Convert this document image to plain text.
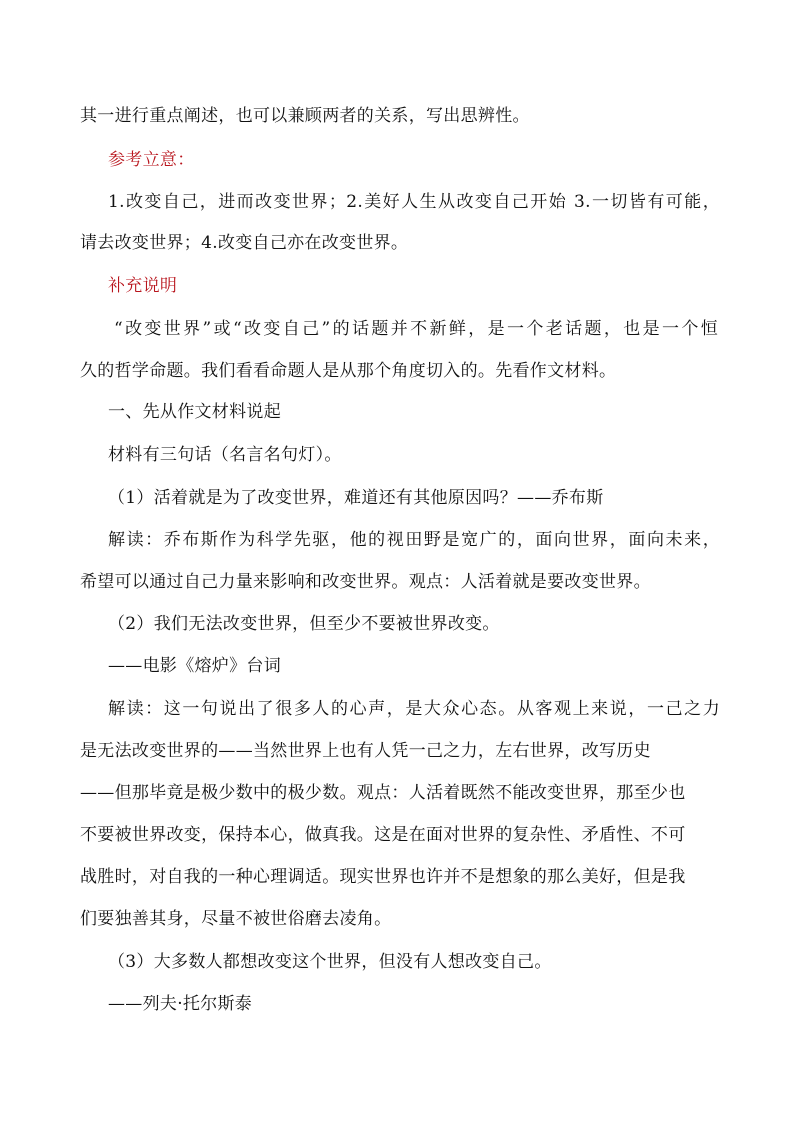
其一进行重点阐述，也可以兼顾两者的关系，写出思辨性。
参考立意：
1.改变自己，进而改变世界；2.美好人生从改变自己开始 3.一切皆有可能，
请去改变世界；4.改变自己亦在改变世界。
补充说明
“改变世界”或“改变自己”的话题并不新鲜，是一个老话题，也是一个恒
久的哲学命题。我们看看命题人是从那个角度切入的。先看作文材料。
一、先从作文材料说起
材料有三句话（名言名句灯）。
（1）活着就是为了改变世界，难道还有其他原因吗？——乔布斯
解读：乔布斯作为科学先驱，他的视田野是宽广的，面向世界，面向未来，
希望可以通过自己力量来影响和改变世界。观点：人活着就是要改变世界。
（2）我们无法改变世界，但至少不要被世界改变。
——电影《熔炉》台词
解读：这一句说出了很多人的心声，是大众心态。从客观上来说，一己之力
是无法改变世界的——当然世界上也有人凭一己之力，左右世界，改写历史
——但那毕竟是极少数中的极少数。观点：人活着既然不能改变世界，那至少也
不要被世界改变，保持本心，做真我。这是在面对世界的复杂性、矛盾性、不可
战胜时，对自我的一种心理调适。现实世界也许并不是想象的那么美好，但是我
们要独善其身，尽量不被世俗磨去凌角。
（3）大多数人都想改变这个世界，但没有人想改变自己。
——列夫·托尔斯泰
